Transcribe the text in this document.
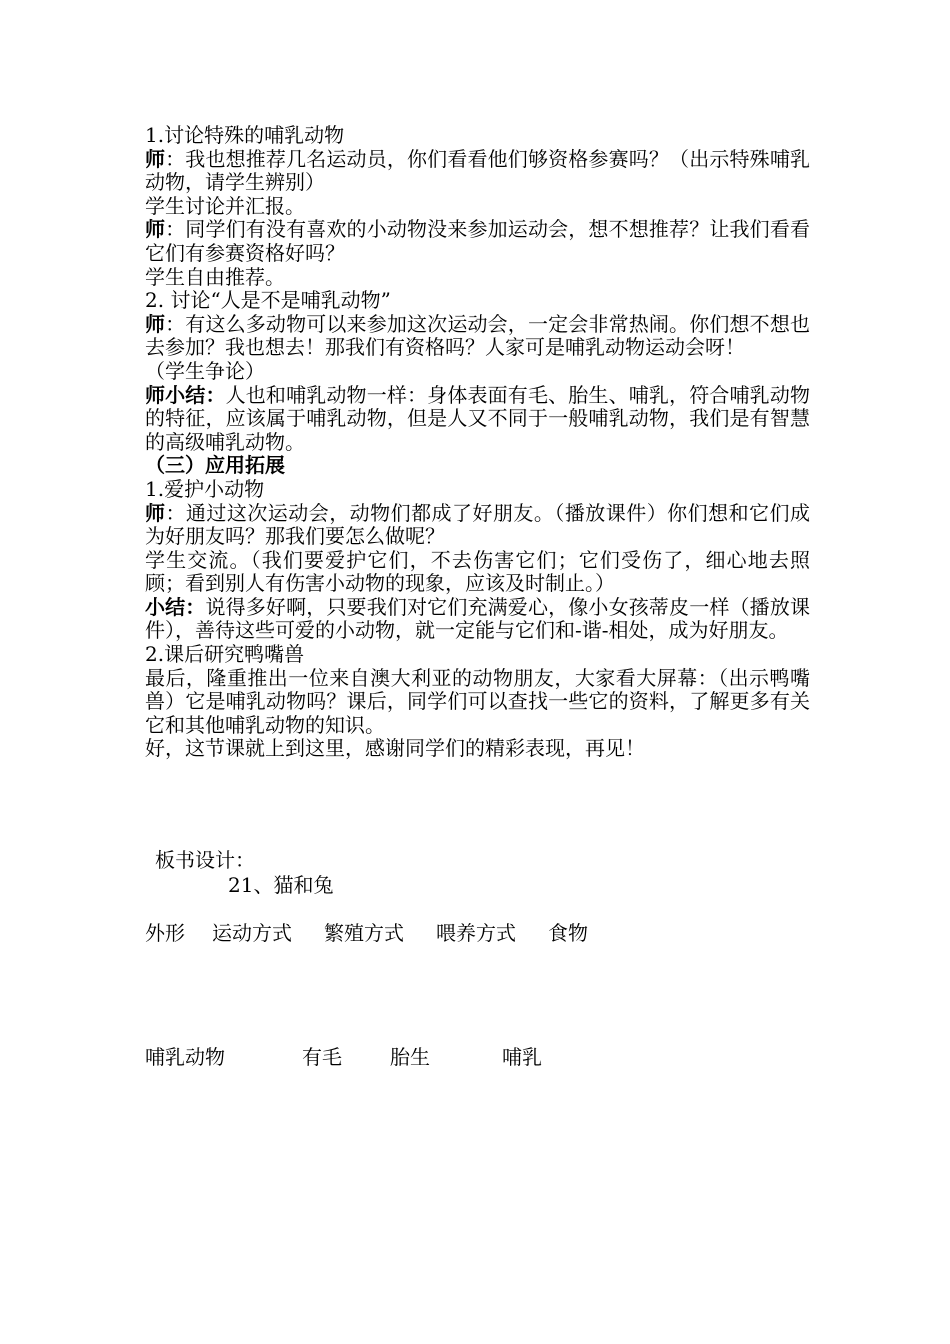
1.讨论特殊的哺乳动物

师：我也想推荐几名运动员，你们看看他们够资格参赛吗？（出示特殊哺乳动物，请学生辨别）

学生讨论并汇报。

师：同学们有没有喜欢的小动物没来参加运动会，想不想推荐？让我们看看它们有参赛资格好吗？

学生自由推荐。

2. 讨论“人是不是哺乳动物”

师：有这么多动物可以来参加这次运动会，一定会非常热闹。你们想不想也去参加？我也想去！那我们有资格吗？人家可是哺乳动物运动会呀！

（学生争论）

师小结：人也和哺乳动物一样：身体表面有毛、胎生、哺乳，符合哺乳动物的特征，应该属于哺乳动物，但是人又不同于一般哺乳动物，我们是有智慧的高级哺乳动物。

（三）应用拓展

1.爱护小动物

师：通过这次运动会，动物们都成了好朋友。（播放课件）你们想和它们成为好朋友吗？那我们要怎么做呢？

学生交流。（我们要爱护它们，不去伤害它们；它们受伤了，细心地去照顾；看到别人有伤害小动物的现象，应该及时制止。）

小结：说得多好啊，只要我们对它们充满爱心，像小女孩蒂皮一样（播放课件），善待这些可爱的小动物，就一定能与它们和-谐-相处，成为好朋友。

2.课后研究鸭嘴兽

最后，隆重推出一位来自澳大利亚的动物朋友，大家看大屏幕：（出示鸭嘴兽）它是哺乳动物吗？课后，同学们可以查找一些它的资料，了解更多有关它和其他哺乳动物的知识。

好，这节课就上到这里，感谢同学们的精彩表现，再见！

板书设计：
21、猫和兔

外形

运动方式

繁殖方式

喂养方式

食物

哺乳动物

	有毛

胎生

	哺乳
